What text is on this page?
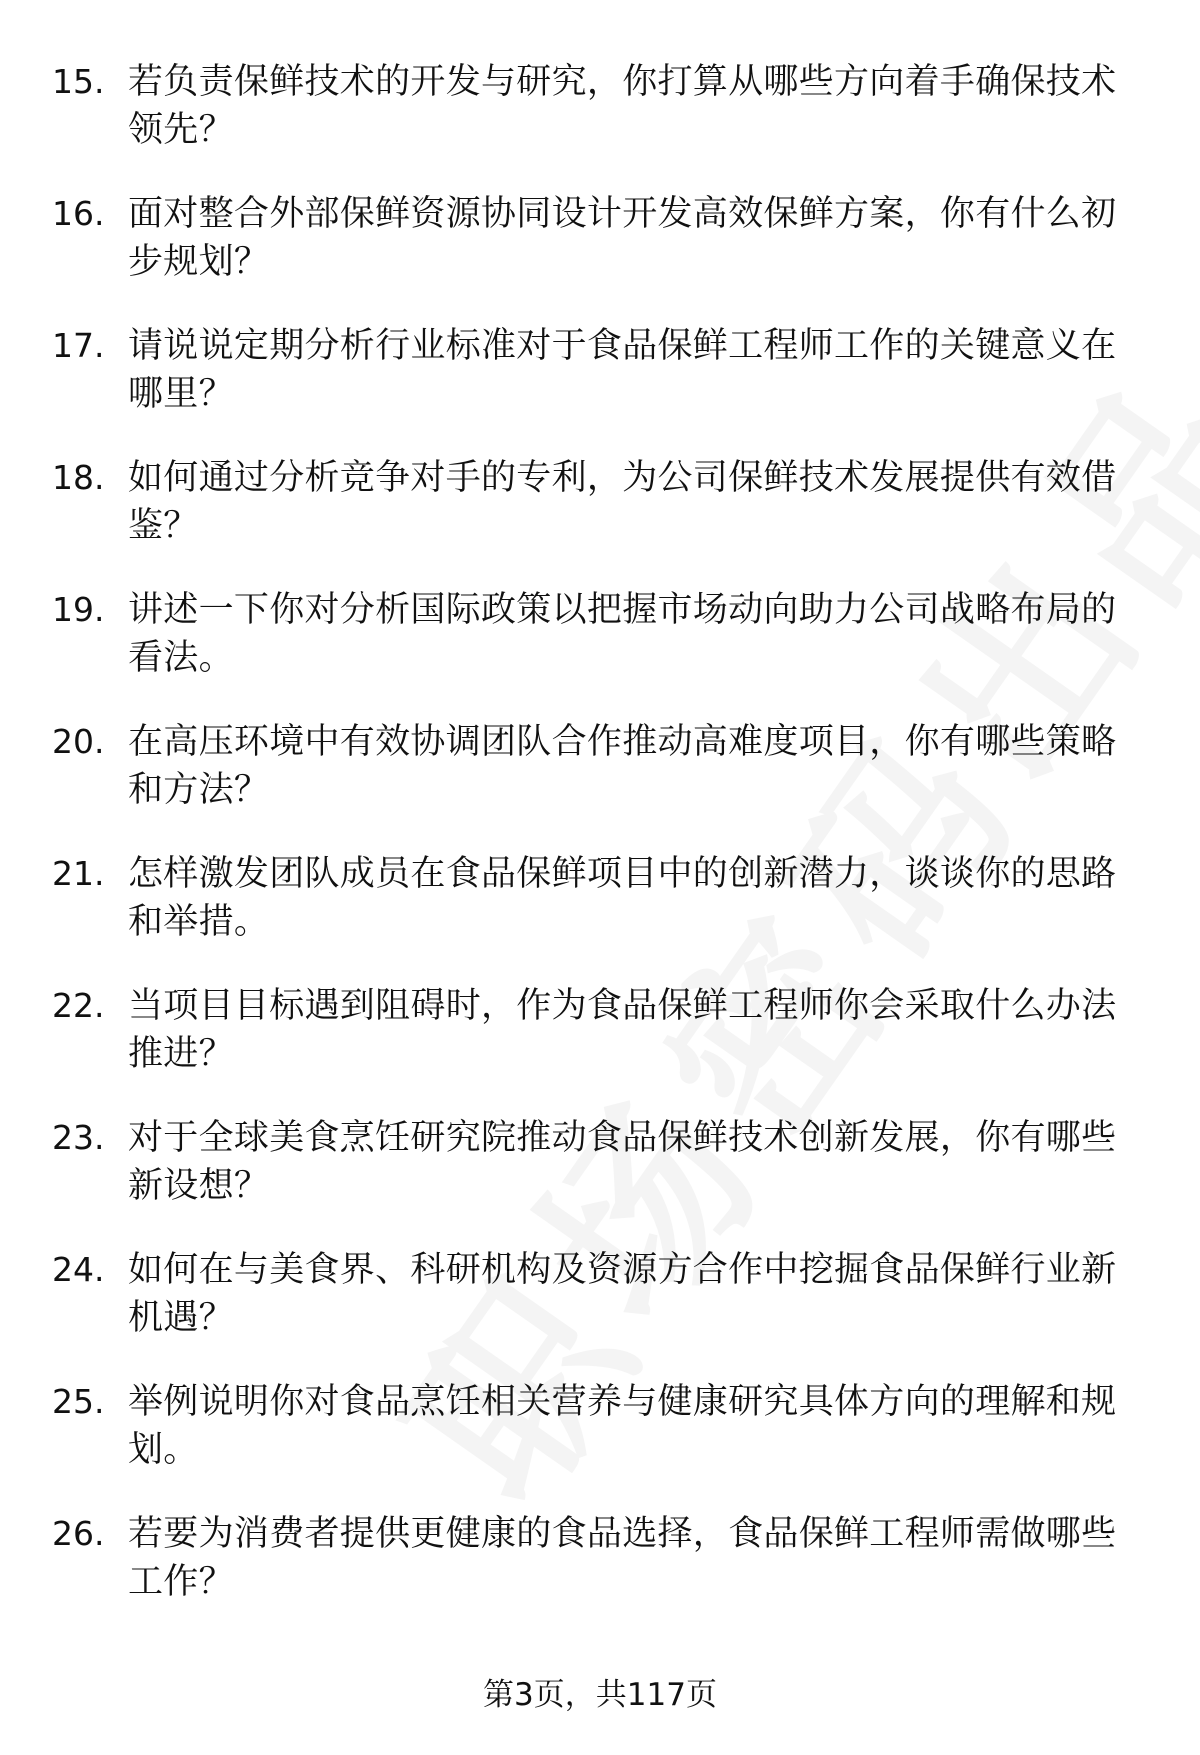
15. 若负责保鲜技术的开发与研究，你打算从哪些方向着手确保技术领先？
16. 面对整合外部保鲜资源协同设计开发高效保鲜方案，你有什么初步规划？
17. 请说说定期分析行业标准对于食品保鲜工程师工作的关键意义在哪里？
18. 如何通过分析竞争对手的专利，为公司保鲜技术发展提供有效借鉴？
19. 讲述一下你对分析国际政策以把握市场动向助力公司战略布局的看法。
20. 在高压环境中有效协调团队合作推动高难度项目，你有哪些策略和方法？
21. 怎样激发团队成员在食品保鲜项目中的创新潜力，谈谈你的思路和举措。
22. 当项目目标遇到阻碍时，作为食品保鲜工程师你会采取什么办法推进？
23. 对于全球美食烹饪研究院推动食品保鲜技术创新发展，你有哪些新设想？
24. 如何在与美食界、科研机构及资源方合作中挖掘食品保鲜行业新机遇？
25. 举例说明你对食品烹饪相关营养与健康研究具体方向的理解和规划。
26. 若要为消费者提供更健康的食品选择，食品保鲜工程师需做哪些工作？
第3页，共117页
